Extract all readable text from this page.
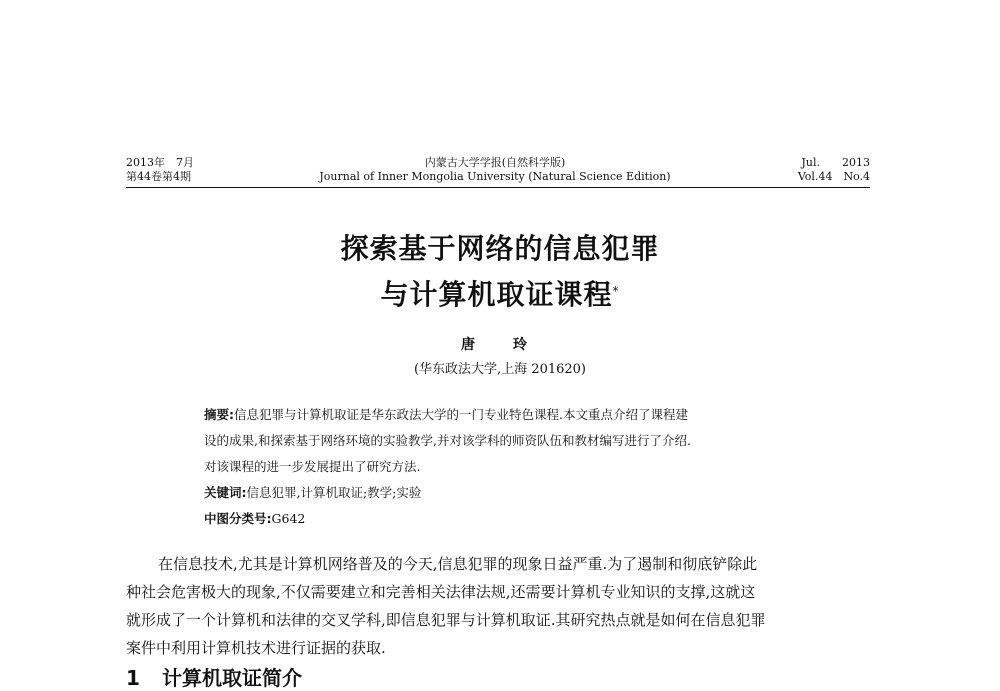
2013年　7月
第44卷第4期
内蒙古大学学报(自然科学版)
Journal of Inner Mongolia University (Natural Science Edition)
Jul.　　2013
Vol.44　No.4
探索基于网络的信息犯罪
与计算机取证课程*
唐　玲
(华东政法大学,上海 201620)

摘要:信息犯罪与计算机取证是华东政法大学的一门专业特色课程.本文重点介绍了课程建

设的成果,和探索基于网络环境的实验教学,并对该学科的师资队伍和教材编写进行了介绍.

对该课程的进一步发展提出了研究方法.

关键词:信息犯罪,计算机取证;教学;实验

中图分类号:G642

在信息技术,尤其是计算机网络普及的今天,信息犯罪的现象日益严重.为了遏制和彻底铲除此

种社会危害极大的现象,不仅需要建立和完善相关法律法规,还需要计算机专业知识的支撑,这就这

就形成了一个计算机和法律的交叉学科,即信息犯罪与计算机取证.其研究热点就是如何在信息犯罪

案件中利用计算机技术进行证据的获取.

1 计算机取证简介
